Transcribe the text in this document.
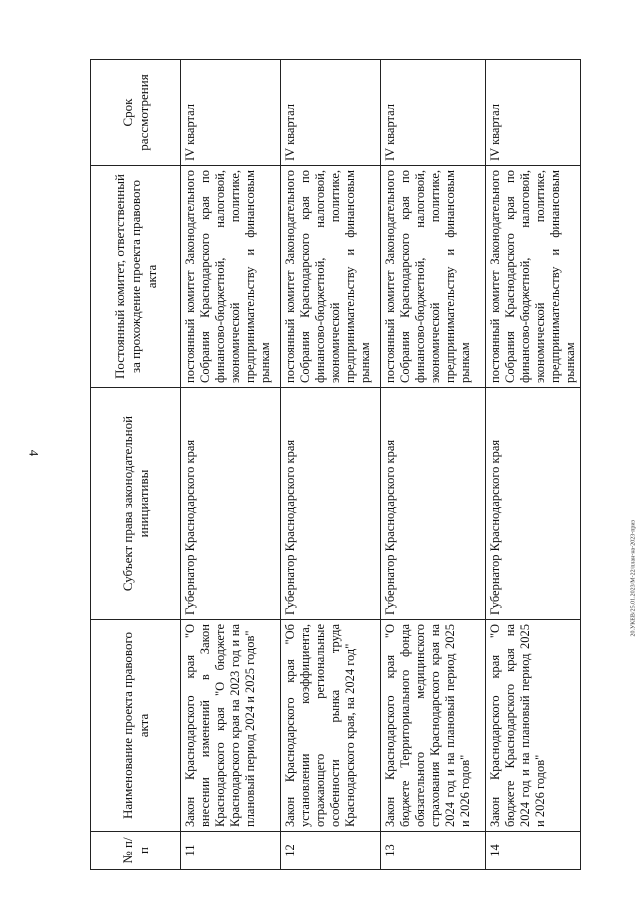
4
№ п/п	Наименование проекта правового акта	Субъект права законодательной инициативы	Постоянный комитет, ответственный за прохождение проекта правового акта	Срок рассмотрения
11	Закон Краснодарского края "О внесении изменений в Закон Краснодарского края "О бюджете Краснодарского края на 2023 год и на плановый период 2024 и 2025 годов"	Губернатор Краснодарского края	постоянный комитет Законодательного Собрания Краснодарского края по финансово-бюджетной, налоговой, экономической политике, предпринимательству и финансовым рынкам	IV квартал
12	Закон Краснодарского края "Об установлении коэффициента, отражающего региональные особенности рынка труда Краснодарского края, на 2024 год"	Губернатор Краснодарского края	постоянный комитет Законодательного Собрания Краснодарского края по финансово-бюджетной, налоговой, экономической политике, предпринимательству и финансовым рынкам	IV квартал
13	Закон Краснодарского края "О бюджете Территориального фонда обязательного медицинского страхования Краснодарского края на 2024 год и на плановый период 2025 и 2026 годов"	Губернатор Краснодарского края	постоянный комитет Законодательного Собрания Краснодарского края по финансово-бюджетной, налоговой, экономической политике, предпринимательству и финансовым рынкам	IV квартал
14	Закон Краснодарского края "О бюджете Краснодарского края на 2024 год и на плановый период 2025 и 2026 годов"	Губернатор Краснодарского края	постоянный комитет Законодательного Собрания Краснодарского края по финансово-бюджетной, налоговой, экономической политике, предпринимательству и финансовым рынкам	IV квартал
20.УКЕВ/25.01.2023/М-22/план-на-2023-приз
